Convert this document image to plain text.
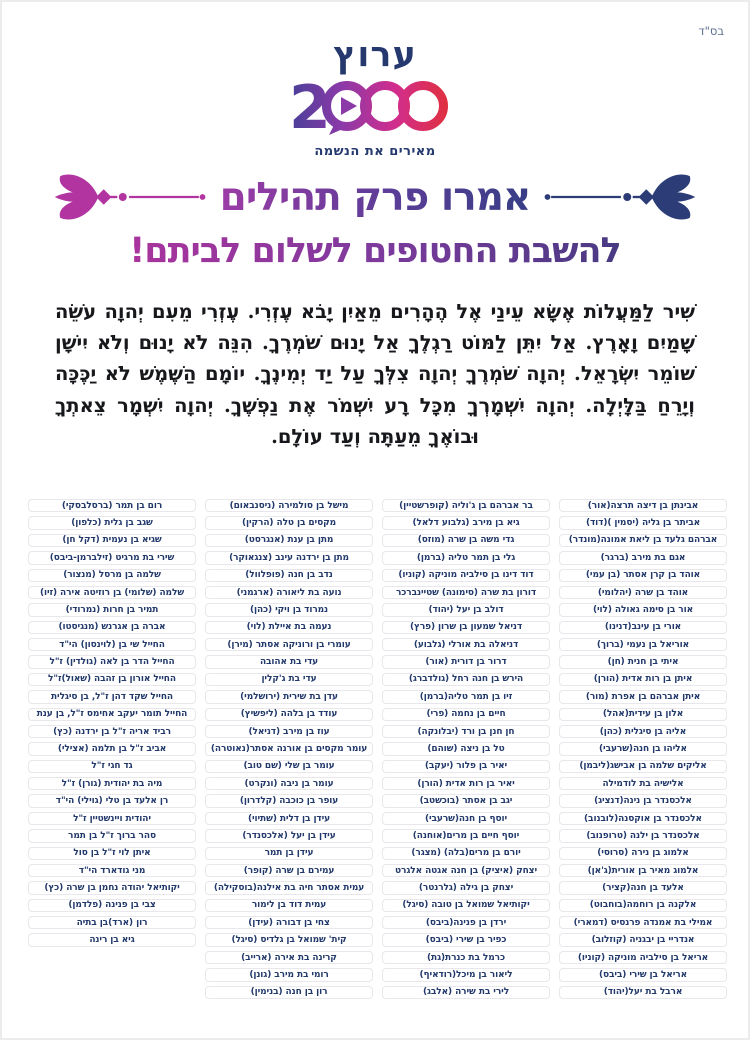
בס"ד
ערוץ
2
מאירים את הנשמה
אמרו פרק תהילים
להשבת החטופים לשלום לביתם!
שִׁיר לַמַּעֲלוֹת אֶשָּׂא עֵינַי אֶל הֶהָרִים מֵאַיִן יָבֹא עֶזְרִי. עֶזְרִי מֵעִם יְהוָה עֹשֵׂה שָׁמַיִם וָאָרֶץ. אַל יִתֵּן לַמּוֹט רַגְלֶךָ אַל יָנוּם שֹׁמְרֶךָ. הִנֵּה לֹא יָנוּם וְלֹא יִישָׁן שׁוֹמֵר יִשְׂרָאֵל. יְהוָה שֹׁמְרֶךָ יְהוָה צִלְּךָ עַל יַד יְמִינֶךָ. יוֹמָם הַשֶּׁמֶשׁ לֹא יַכֶּכָּה וְיָרֵחַ בַּלָּיְלָה. יְהוָה יִשְׁמָרְךָ מִכָּל רָע יִשְׁמֹר אֶת נַפְשֶׁךָ. יְהוָה יִשְׁמָר צֵאתְךָ וּבוֹאֶךָ מֵעַתָּה וְעַד עוֹלָם.
אבינתן בן דיצה תרצה(אור)
אביתר בן גליה (יסמין )(דוד)
אברהם גלעד בן ליאת אמונה(מונדר)
אגם בת מירב (ברגר)
אוהד בן קרן אסתר (בן עמי)
אוהד בן שרה (יהלומי)
אור בן סימה גאולה (לוי)
אורי בן עינב(דנינו)
אוריאל בן נעמי (ברוך)
איתי בן חנית (חן)
איתן בן רות אדית (הורן)
איתן אברהם בן אפרת (מור)
אלון בן עידית(אהל)
אליה בן סיגלית (כהן)
אליהו בן חנה(שרעבי)
אליקים שלמה בן אבישג(ליבמן)
אלישיה בת לודמילה
אלכסנדר בן נינה(דנציג)
אלכסנדר בן אוקסנה(לובנוב)
אלכסנדר בן ילנה (טרופנוב)
אלמוג בן נירה (סרוסי)
אלמוג מאיר בן אורית(ג'אן)
אלעד בן חנה(קציר)
אלקנה בן רוחמה(בוחבוט)
אמילי בת אמנדה פרנסיס (דמארי)
אנדריי בן יבגניה (קוזלוב)
אריאל בן סילביה מוניקה (קוניו)
אריאל בן שירי (ביבס)
ארבל בת יעל(יהוד)
בר אברהם בן ג'וליה (קופרשטיין)
גיא בן מירב (גלבוע דלאל)
גדי משה בן שרה (מוזס)
גלי בן תמר טליה (ברמן)
דוד דינו בן סילביה מוניקה (קוניו)
דורון בת שרה (סימונה) שטיינברכר
דולב בן יעל (יהוד)
דניאל שמעון בן שרון (פרץ)
דניאלה בת אורלי (גלבוע)
דרור בן דורית (אור)
הירש בן חנה רחל (גולדברג)
זיו בן תמר טליה(ברמן)
חיים בן נחמה (פרי)
חן חנן בן ורד (יבלונקה)
טל בן ניצה (שוהם)
יאיר בן פלור (יעקב)
יאיר בן רות אדית (הורן)
יגב בן אסתר (בוכשטב)
יוסף בן חנה(שרעבי)
יוסף חיים בן מרים(אוחנה)
יורם בן מרים(בלה) (מצגר)
יצחק (איציק) בן חנה אגטה אלגרט
יצחק בן גילה (גלרנטר)
יקותיאל שמואל בן טובה (סיגל)
ירדן בן פנינה(ביבס)
כפיר בן שירי (ביבס)
כרמל בת כנרת(גת)
ליאור בן מיכל(רודאיף)
לירי בת שירה (אלבג)
מישל בן סולמירה (ניסנבאום)
מקסים בן טלה (הרקין)
מתן בן ענת (אנגרסט)
מתן בן ירדנה עינב (צנגאוקר)
נדב בן חנה (פופלוול)
נועה בת ליאורה (ארגמני)
נמרוד בן ויקי (כהן)
נעמה בת איילת (לוי)
עומרי בן ורוניקה אסתר (מירן)
עדי בת אהובה
עדי בת ג'קלין
עדן בת שירית (ירושלמי)
עודד בן בלהה (ליפשיץ)
עוז בן מירב (דניאל)
עומר מקסים בן אורנה אסתר(נאוטרה)
עומר בן שלי (שם טוב)
עומר בן ניבה (ונקרט)
עופר בן כוכבה (קלדרון)
עידן בן דלית (שתיוי)
עידן בן יעל (אלכסנדר)
עידן בן תמר
עמירם בן שרה (קופר)
עמית אסתר חיה בת אילנה(בוסקילה)
עמית דוד בן לימור
צחי בן דבורה (עידן)
קית' שמואל בן גלדיס (סיגל)
קרינה בת אירה (ארייב)
רומי בת מירב (גונן)
רון בן חנה (בנימין)
רום בן תמר (ברסלבסקי)
שגב בן גלית (כלפון)
שגיא בן נעמית (דקל חן)
שירי בת מרגיט (זילברמן-ביבס)
שלמה בן מרסל (מנצור)
שלמה (שלומי) בן רוזיטה אירה (זיו)
תמיר בן חרות (נמרודי)
אברה בן אגרנש (מנגיסטו)
החייל שי בן (לוינסון) הי"ד
החייל הדר בן לאה (גולדין) ז"ל
החייל אורון בן זהבה (שאול)ז"ל
החייל שקד דהן ז"ל, בן סיגלית
החייל תומר יעקב אחימס ז"ל, בן ענת
רביד אריה ז"ל בן ירדנה (כץ)
אביב ז"ל בן תלמה (אצילי)
גד חגי ז"ל
מיה בת יהודית (גורן) ז"ל
רן אלעד בן טלי (גוילי) הי"ד
יהודית ויינשטיין ז"ל
סהר ברוך ז"ל בן תמר
איתן לוי ז"ל בן סול
מני גודארד הי"ד
יקותיאל יהודה נחמן בן שרה (כץ)
צבי בן פנינה (פלדמן)
רון (ארד)בן בתיה
גיא בן רינה
